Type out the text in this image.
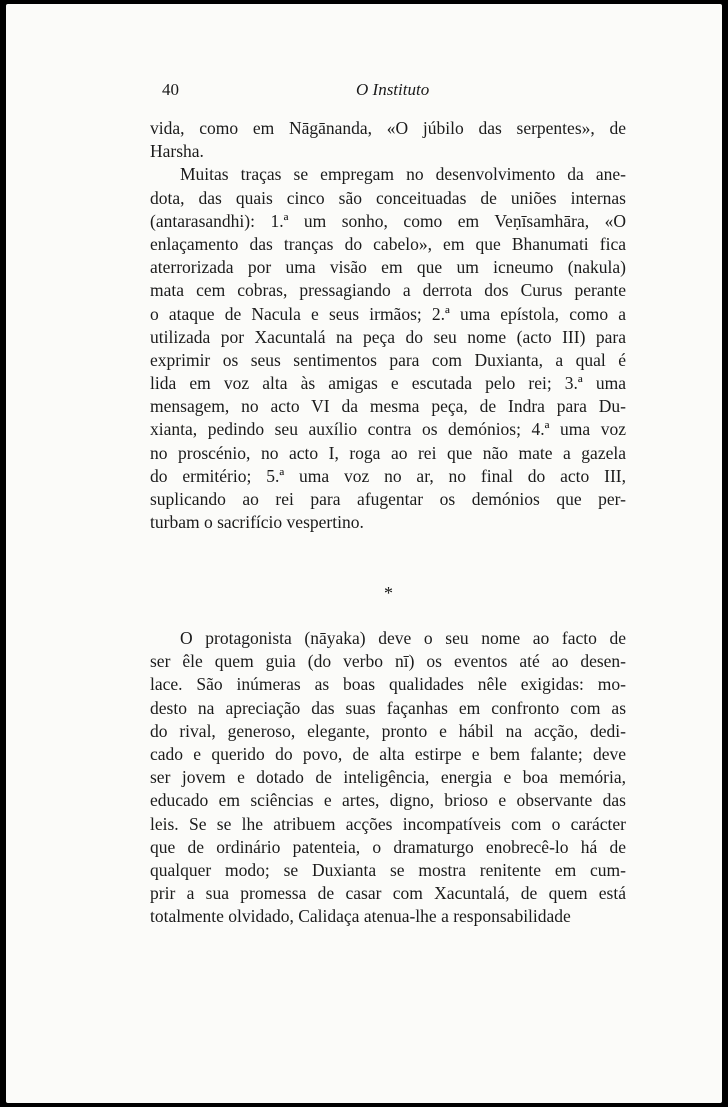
40	O Instituto
vida, como em Nāgānanda, «O júbilo das serpentes», de
Harsha.
Muitas traças se empregam no desenvolvimento da ane-
dota, das quais cinco são conceituadas de uniões internas
(antarasandhi): 1.ª um sonho, como em Veṇīsamhāra, «O
enlaçamento das tranças do cabelo», em que Bhanumati fica
aterrorizada por uma visão em que um icneumo (nakula)
mata cem cobras, pressagiando a derrota dos Curus perante
o ataque de Nacula e seus irmãos; 2.ª uma epístola, como a
utilizada por Xacuntalá na peça do seu nome (acto III) para
exprimir os seus sentimentos para com Duxianta, a qual é
lida em voz alta às amigas e escutada pelo rei; 3.ª uma
mensagem, no acto VI da mesma peça, de Indra para Du-
xianta, pedindo seu auxílio contra os demónios; 4.ª uma voz
no proscénio, no acto I, roga ao rei que não mate a gazela
do ermitério; 5.ª uma voz no ar, no final do acto III,
suplicando ao rei para afugentar os demónios que per-
turbam o sacrifício vespertino.
*
O protagonista (nāyaka) deve o seu nome ao facto de
ser êle quem guia (do verbo nī) os eventos até ao desen-
lace. São inúmeras as boas qualidades nêle exigidas: mo-
desto na apreciação das suas façanhas em confronto com as
do rival, generoso, elegante, pronto e hábil na acção, dedi-
cado e querido do povo, de alta estirpe e bem falante; deve
ser jovem e dotado de inteligência, energia e boa memória,
educado em sciências e artes, digno, brioso e observante das
leis. Se se lhe atribuem acções incompatíveis com o carácter
que de ordinário patenteia, o dramaturgo enobrecê-lo há de
qualquer modo; se Duxianta se mostra renitente em cum-
prir a sua promessa de casar com Xacuntalá, de quem está
totalmente olvidado, Calidaça atenua-lhe a responsabilidade
